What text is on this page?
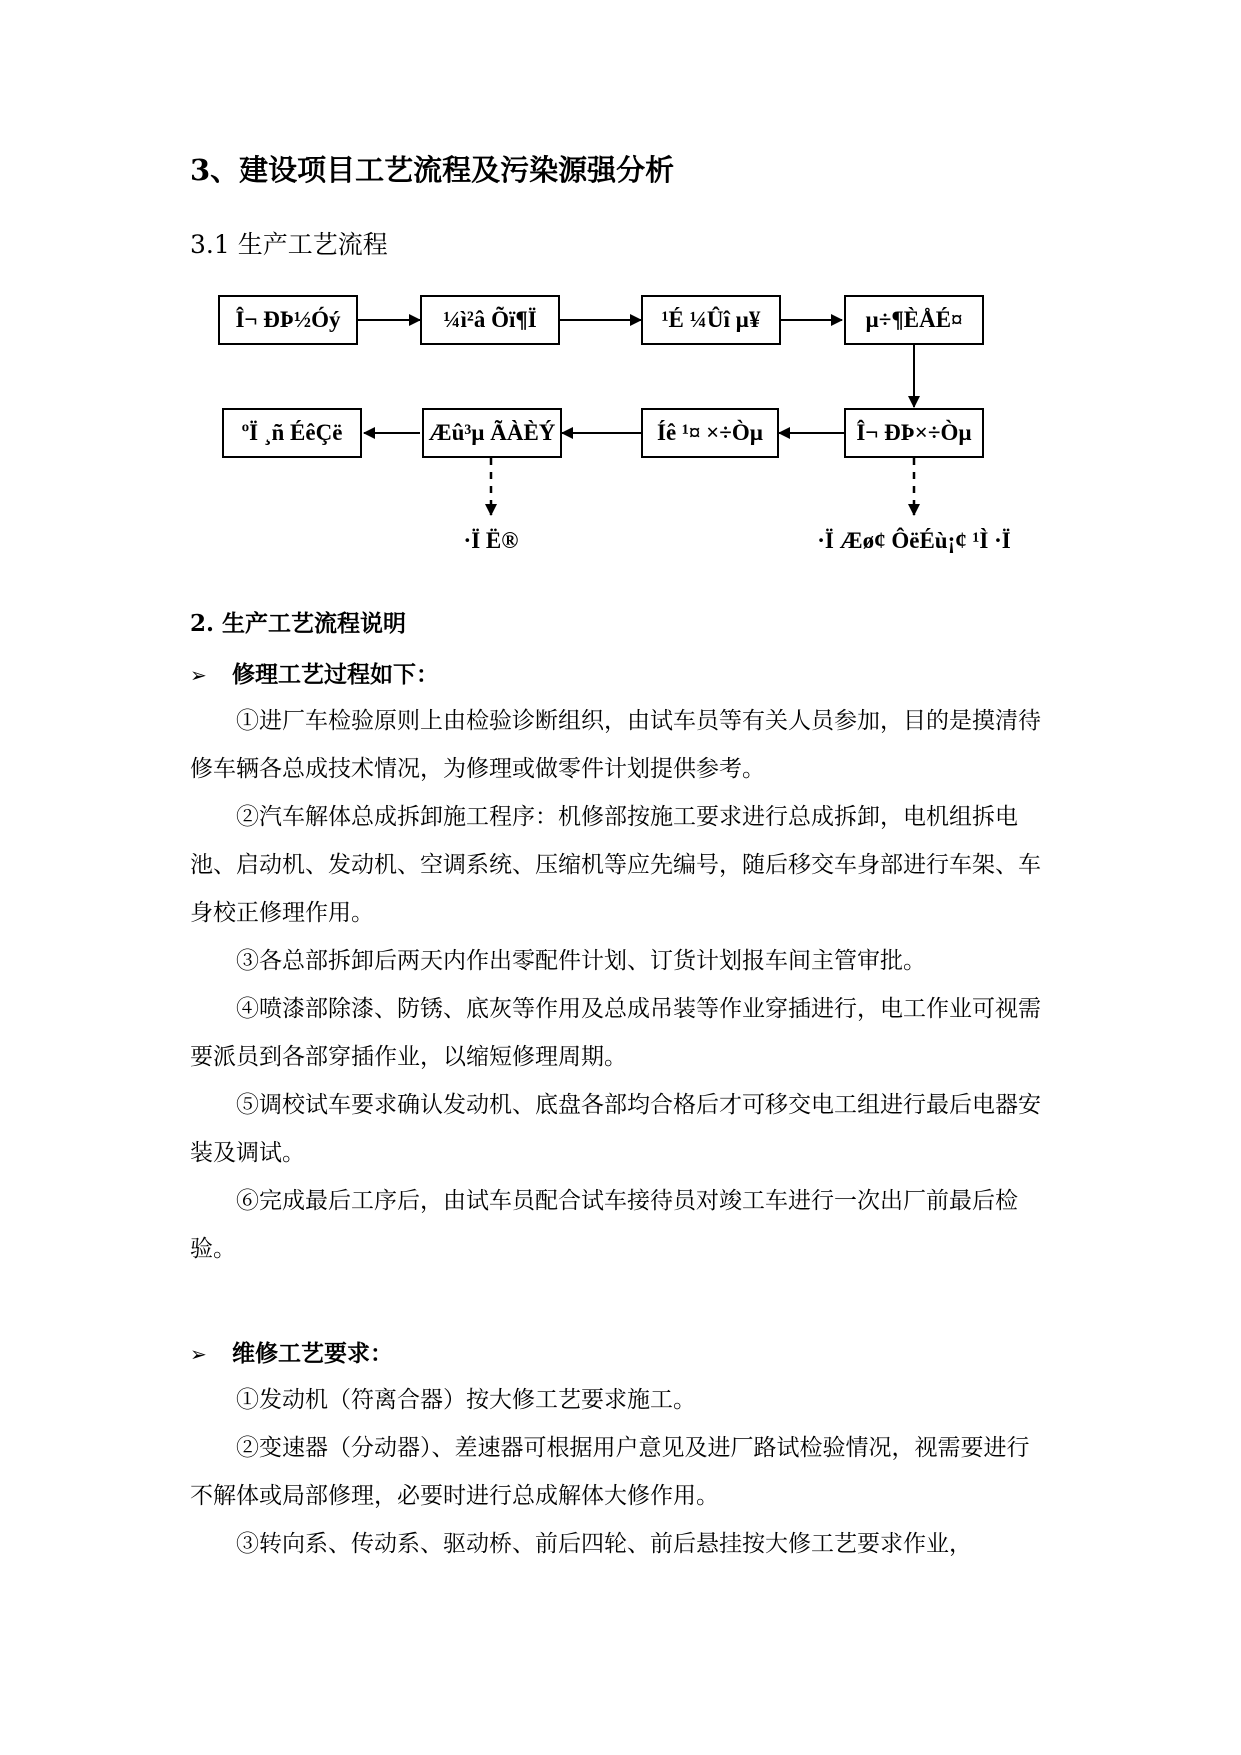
3、建设项目工艺流程及污染源强分析
3.1 生产工艺流程
Î¬ ÐÞ½Óý	¼ì²â Õï¶Ï	¹É ¼Ûî µ¥	µ÷¶ÈÅÉ¤
Î¬ ÐÞ×÷Òµ
Íê ¹¤ ×÷Òµ
Æû³µ ÃÀÈÝ
ºÏ ¸ñ ÉêÇë
·Ï Ë®	·Ï Æø¢ ÔëÉù¡¢ ¹Ì ·Ï
2. 生产工艺流程说明
➢ 修理工艺过程如下：
①进厂车检验原则上由检验诊断组织，由试车员等有关人员参加，目的是摸清待修车辆各总成技术情况，为修理或做零件计划提供参考。
②汽车解体总成拆卸施工程序：机修部按施工要求进行总成拆卸，电机组拆电池、启动机、发动机、空调系统、压缩机等应先编号，随后移交车身部进行车架、车身校正修理作用。
③各总部拆卸后两天内作出零配件计划、订货计划报车间主管审批。
④喷漆部除漆、防锈、底灰等作用及总成吊装等作业穿插进行，电工作业可视需要派员到各部穿插作业，以缩短修理周期。
⑤调校试车要求确认发动机、底盘各部均合格后才可移交电工组进行最后电器安装及调试。
⑥完成最后工序后，由试车员配合试车接待员对竣工车进行一次出厂前最后检验。
➢ 维修工艺要求：
①发动机（符离合器）按大修工艺要求施工。
②变速器（分动器）、差速器可根据用户意见及进厂路试检验情况，视需要进行不解体或局部修理，必要时进行总成解体大修作用。
③转向系、传动系、驱动桥、前后四轮、前后悬挂按大修工艺要求作业，
